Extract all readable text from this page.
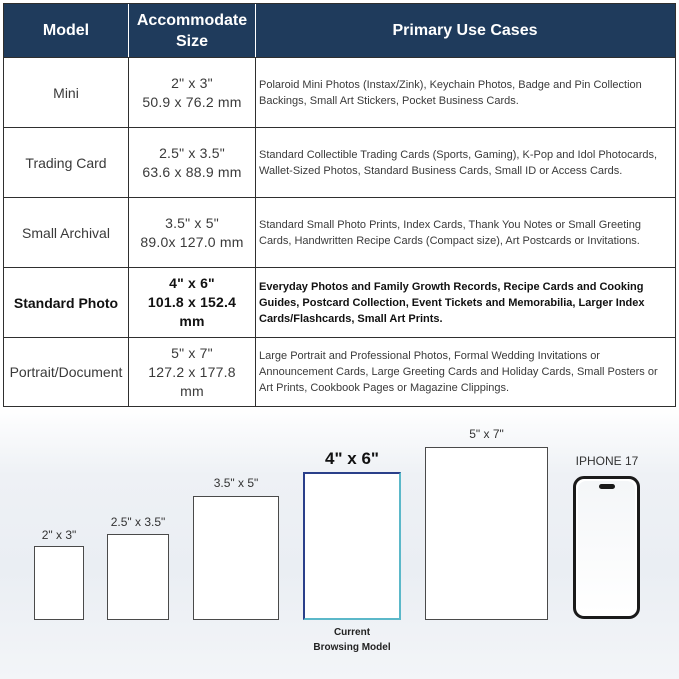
Model
Accommodate
Size
Primary Use Cases
Mini
2" x 3"
50.9 x 76.2 mm
Polaroid Mini Photos (Instax/Zink), Keychain Photos, Badge and Pin Collection Backings, Small Art Stickers, Pocket Business Cards.
Trading Card
2.5" x 3.5"
63.6 x 88.9 mm
Standard Collectible Trading Cards (Sports, Gaming), K-Pop and Idol Photocards, Wallet-Sized Photos, Standard Business Cards, Small ID or Access Cards.
Small Archival
3.5" x 5"
89.0x 127.0 mm
Standard Small Photo Prints, Index Cards, Thank You Notes or Small Greeting Cards, Handwritten Recipe Cards (Compact size), Art Postcards or Invitations.
Standard Photo
4" x 6"
101.8 x 152.4
mm
Everyday Photos and Family Growth Records, Recipe Cards and Cooking Guides, Postcard Collection, Event Tickets and Memorabilia, Larger Index Cards/Flashcards, Small Art Prints.
Portrait/Document
5" x 7"
127.2 x 177.8
mm
Large Portrait and Professional Photos, Formal Wedding Invitations or Announcement Cards, Large Greeting Cards and Holiday Cards, Small Posters or Art Prints, Cookbook Pages or Magazine Clippings.
2" x 3"
2.5" x 3.5"
3.5" x 5"
4" x 6"
Current
Browsing Model
5" x 7"
IPHONE 17
